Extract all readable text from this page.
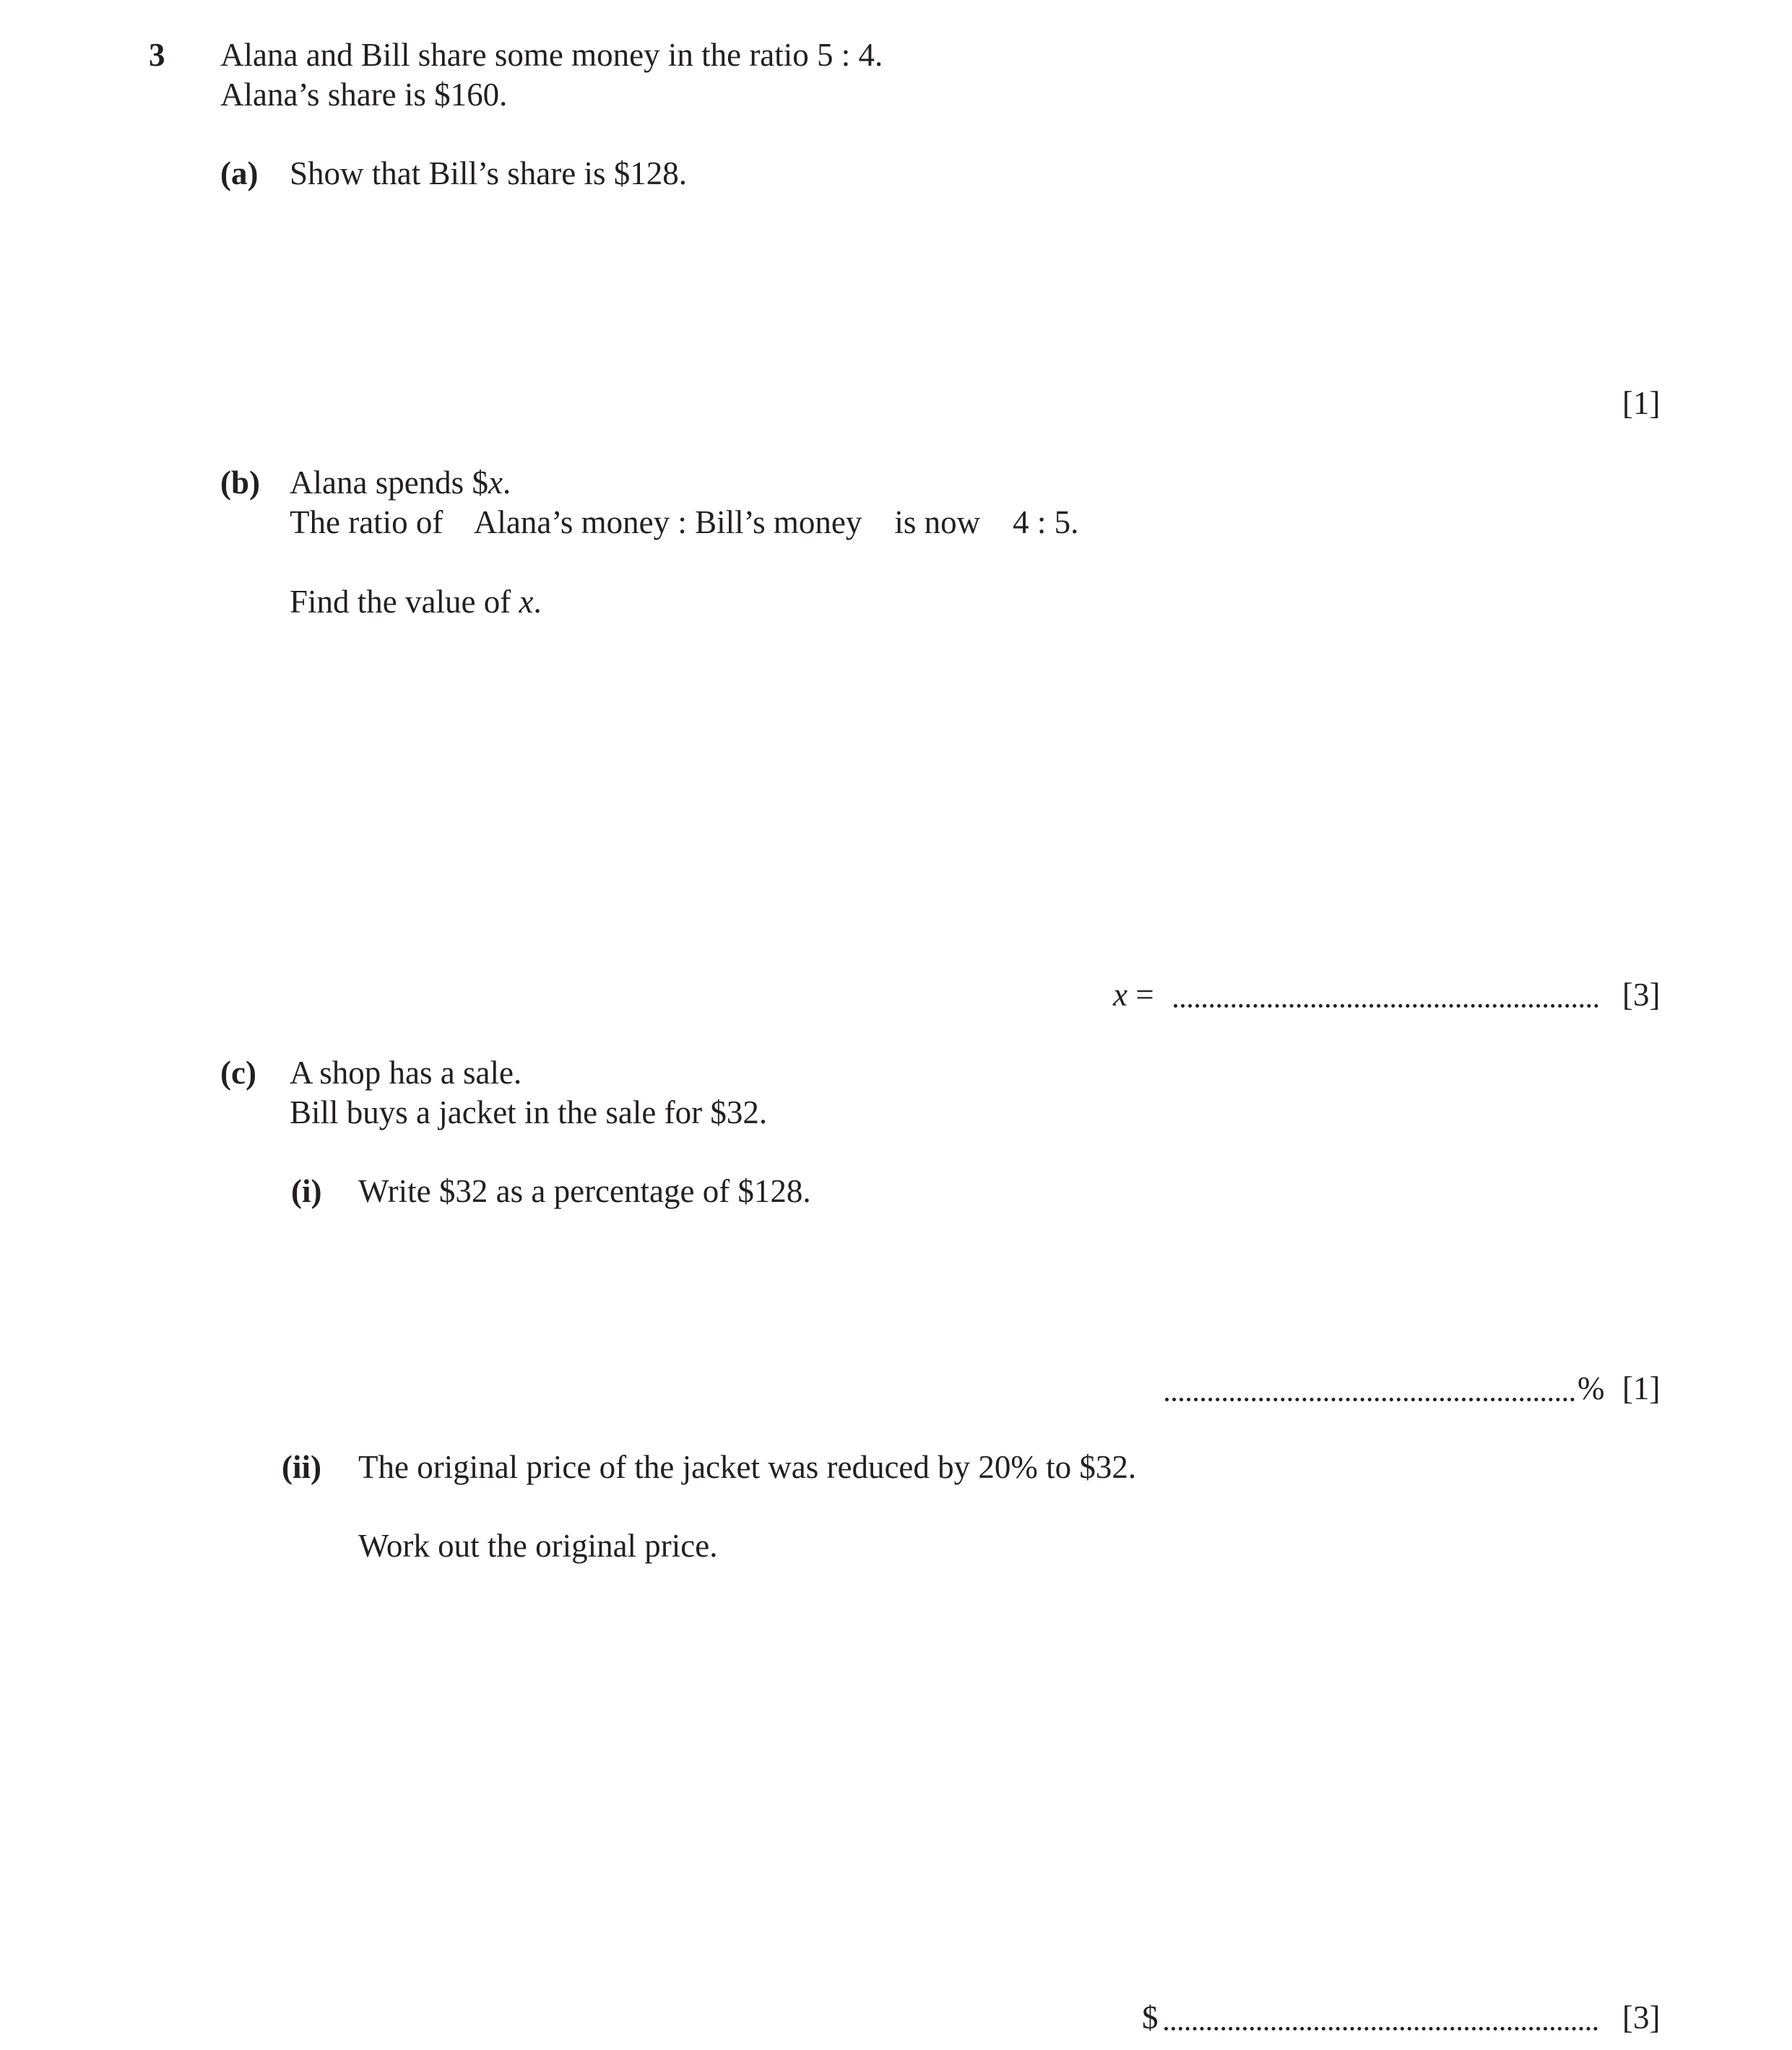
3 Alana and Bill share some money in the ratio 5 : 4.
Alana’s share is $160.
(a) Show that Bill’s share is $128.
[1]
(b) Alana spends $x.
The ratio of    Alana’s money : Bill’s money    is now    4 : 5.
Find the value of x.
x =	[3]
(c) A shop has a sale.
Bill buys a jacket in the sale for $32.
(i) Write $32 as a percentage of $128.
% [1]
(ii) The original price of the jacket was reduced by 20% to $32.
Work out the original price.
$	[3]
